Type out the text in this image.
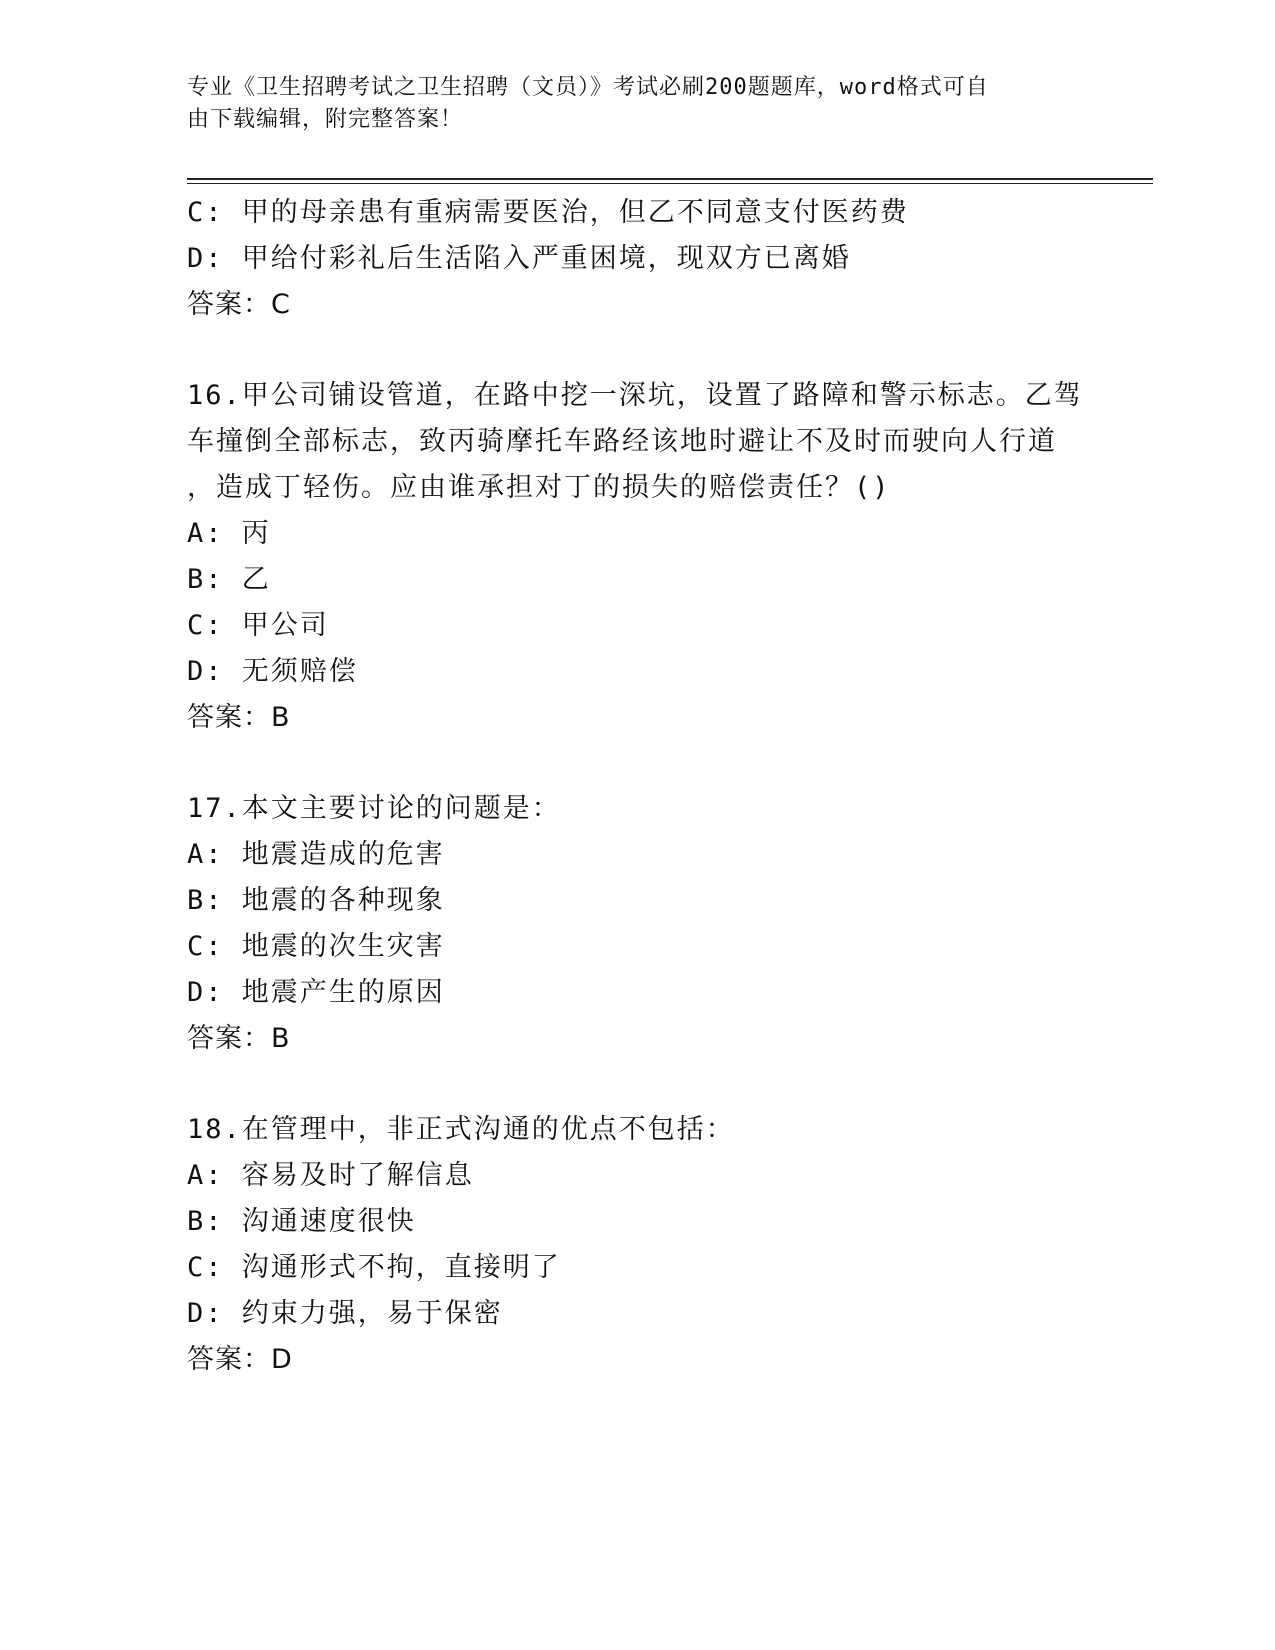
专业《卫生招聘考试之卫生招聘（文员）》考试必刷200题题库，word格式可自
由下载编辑，附完整答案！
C: 甲的母亲患有重病需要医治，但乙不同意支付医药费
D: 甲给付彩礼后生活陷入严重困境，现双方已离婚
答案：C
16.甲公司铺设管道，在路中挖一深坑，设置了路障和警示标志。乙驾
车撞倒全部标志，致丙骑摩托车路经该地时避让不及时而驶向人行道
，造成丁轻伤。应由谁承担对丁的损失的赔偿责任？()
A: 丙
B: 乙
C: 甲公司
D: 无须赔偿
答案：B
17.本文主要讨论的问题是：
A: 地震造成的危害
B: 地震的各种现象
C: 地震的次生灾害
D: 地震产生的原因
答案：B
18.在管理中，非正式沟通的优点不包括：
A: 容易及时了解信息
B: 沟通速度很快
C: 沟通形式不拘，直接明了
D: 约束力强，易于保密
答案：D
